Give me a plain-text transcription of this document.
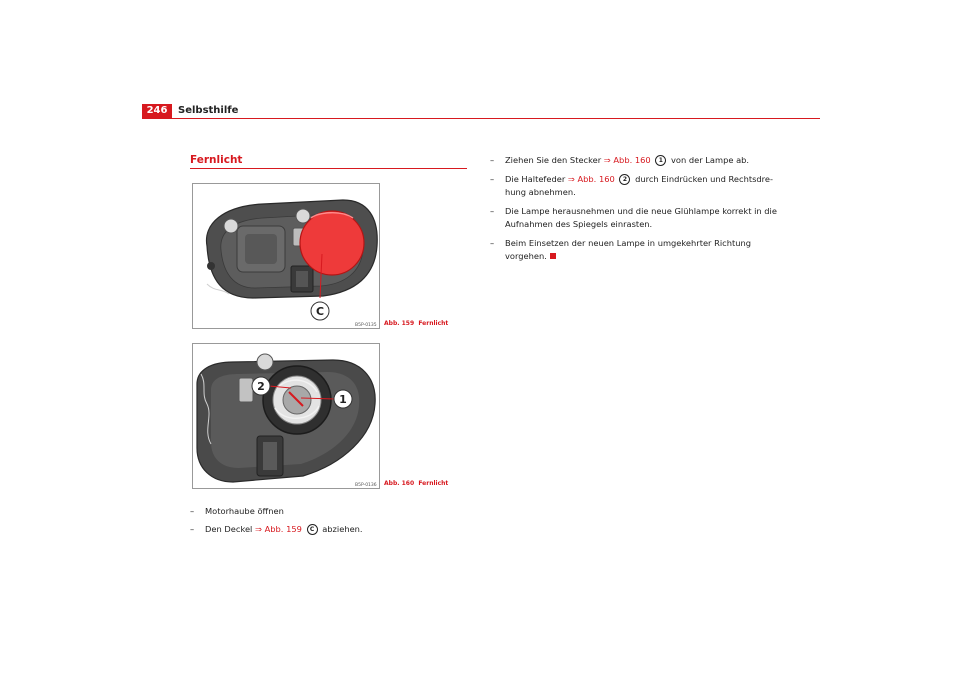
246	Selbsthilfe
Fernlicht
C
B5P-0135 Abb. 159 Fernlicht
2
1
B5P-0136 Abb. 160 Fernlicht
–	Motorhaube öffnen
–	Den Deckel ⇒ Abb. 159 C abziehen.
–	Ziehen Sie den Stecker ⇒ Abb. 160 1 von der Lampe ab.
–	Die Haltefeder ⇒ Abb. 160 2 durch Eindrücken und Rechtsdre-hung abnehmen.
–	Die Lampe herausnehmen und die neue Glühlampe korrekt in die Aufnahmen des Spiegels einrasten.
–	Beim Einsetzen der neuen Lampe in umgekehrter Richtung vorgehen.
